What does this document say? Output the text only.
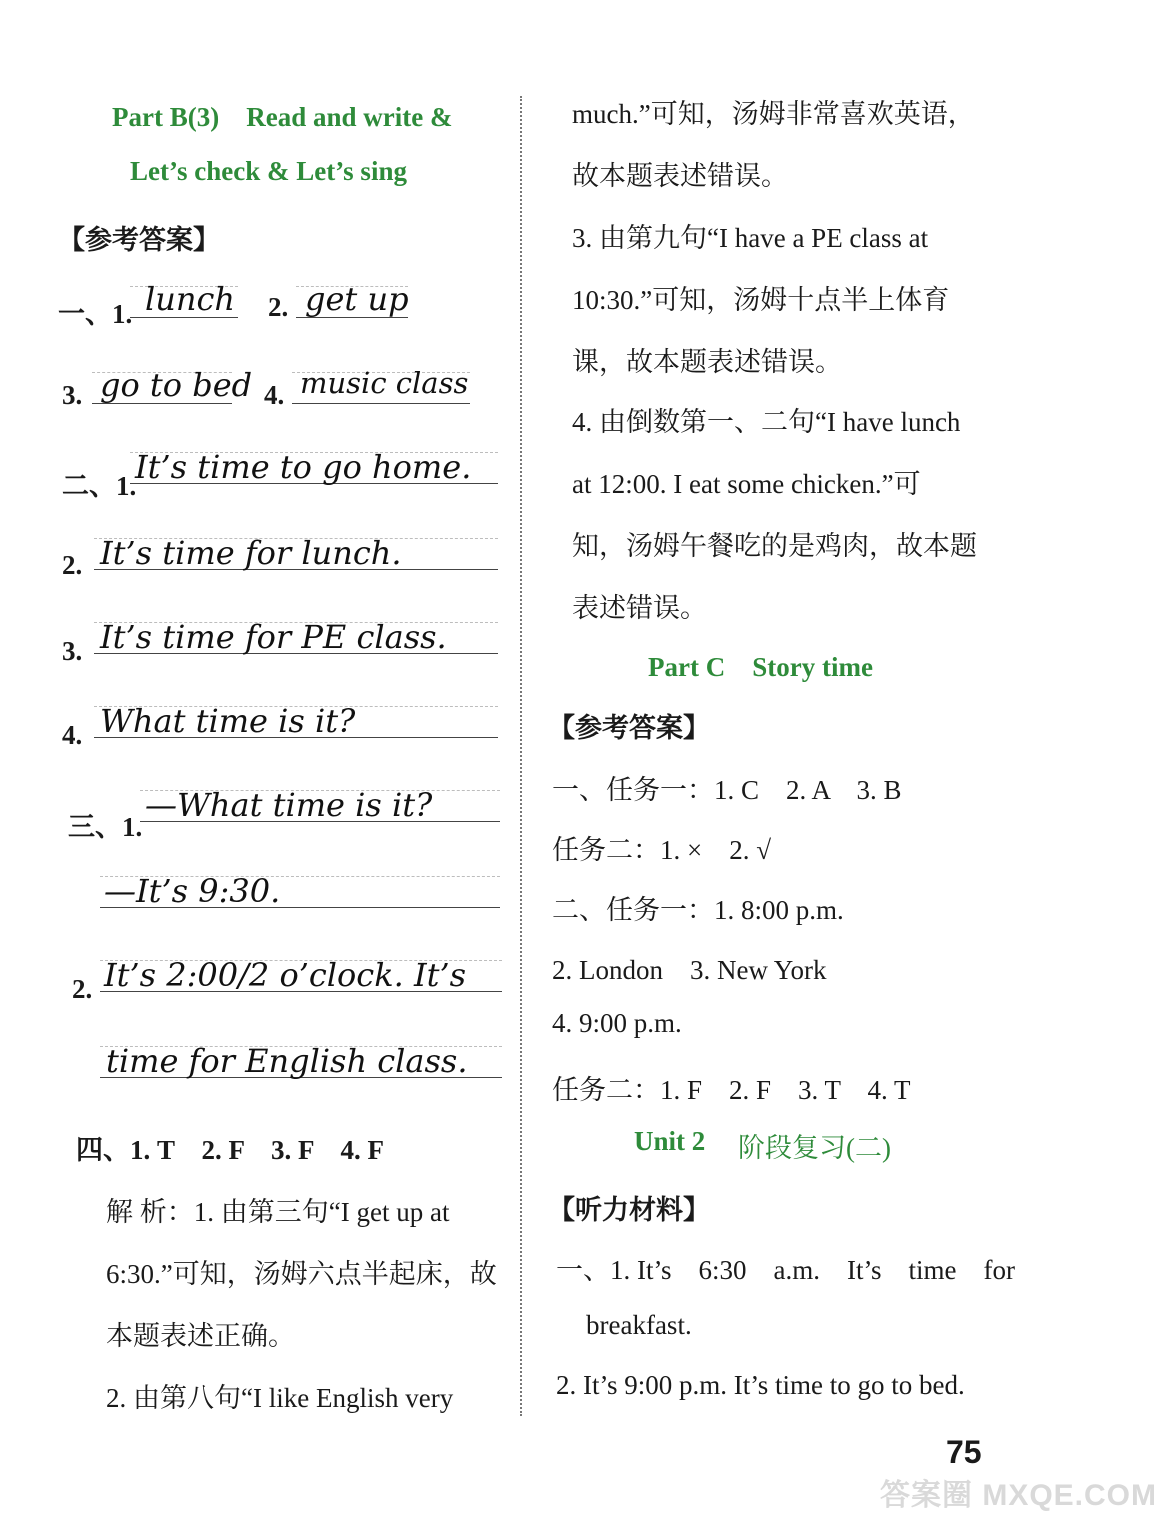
Part B(3)　Read and write &
Let’s check & Let’s sing
【参考答案】
一、1. lunch 2. get up
3. go to bed 4. music class
二、1.
It’s time to go home.
2. It’s time for lunch.
3. It’s time for PE class.
4. What time is it?
三、1.
—What time is it?
—It’s 9:30.
2. It’s 2:00/2 o’clock. It’s
time for English class.
四、1. T　2. F　3. F　4. F
解 析：1. 由第三句“I get up at
6:30.”可知，汤姆六点半起床，故
本题表述正确。
2. 由第八句“I like English very
much.”可知，汤姆非常喜欢英语，
故本题表述错误。
3. 由第九句“I have a PE class at
10:30.”可知，汤姆十点半上体育
课，故本题表述错误。
4. 由倒数第一、二句“I have lunch
at 12:00. I eat some chicken.”可
知，汤姆午餐吃的是鸡肉，故本题
表述错误。
Part C　Story time
【参考答案】
一、任务一：1. C　2. A　3. B
任务二：1. ×　2. √
二、任务一：1. 8:00 p.m.
2. London　3. New York
4. 9:00 p.m.
任务二：1. F　2. F　3. T　4. T
Unit 2 阶段复习(二)
【听力材料】
一、1. It’s　6:30　a.m.　It’s　time　for
breakfast.
2. It’s 9:00 p.m. It’s time to go to bed.
75
答案圈 MXQE.COM
